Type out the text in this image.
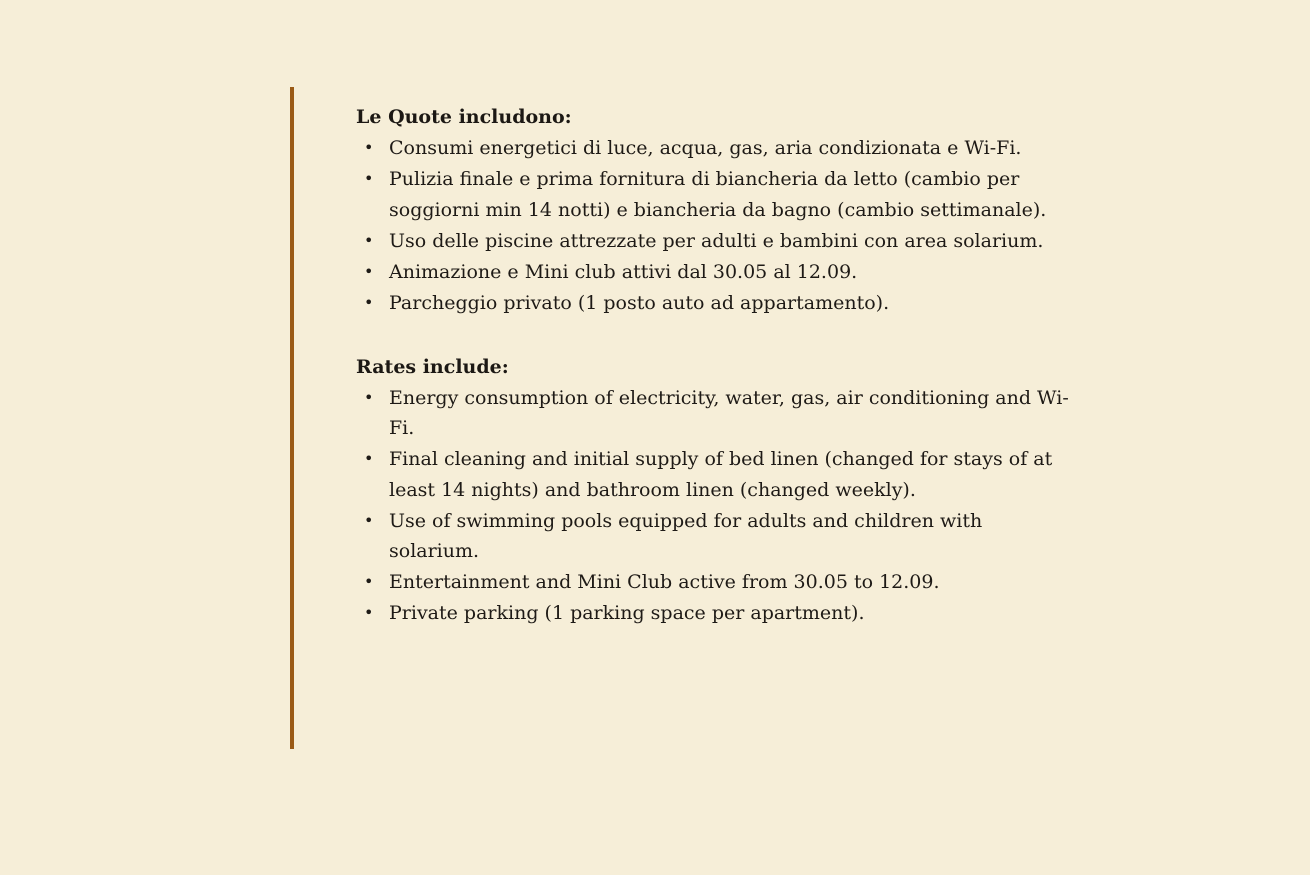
Le Quote includono:
• Consumi energetici di luce, acqua, gas, aria condizionata e Wi-Fi.
• Pulizia finale e prima fornitura di biancheria da letto (cambio per soggiorni min 14 notti) e biancheria da bagno (cambio settimanale).
• Uso delle piscine attrezzate per adulti e bambini con area solarium.
• Animazione e Mini club attivi dal 30.05 al 12.09.
• Parcheggio privato (1 posto auto ad appartamento).
Rates include:
• Energy consumption of electricity, water, gas, air conditioning and Wi-Fi.
• Final cleaning and initial supply of bed linen (changed for stays of at least 14 nights) and bathroom linen (changed weekly).
• Use of swimming pools equipped for adults and children with solarium.
• Entertainment and Mini Club active from 30.05 to 12.09.
• Private parking (1 parking space per apartment).
